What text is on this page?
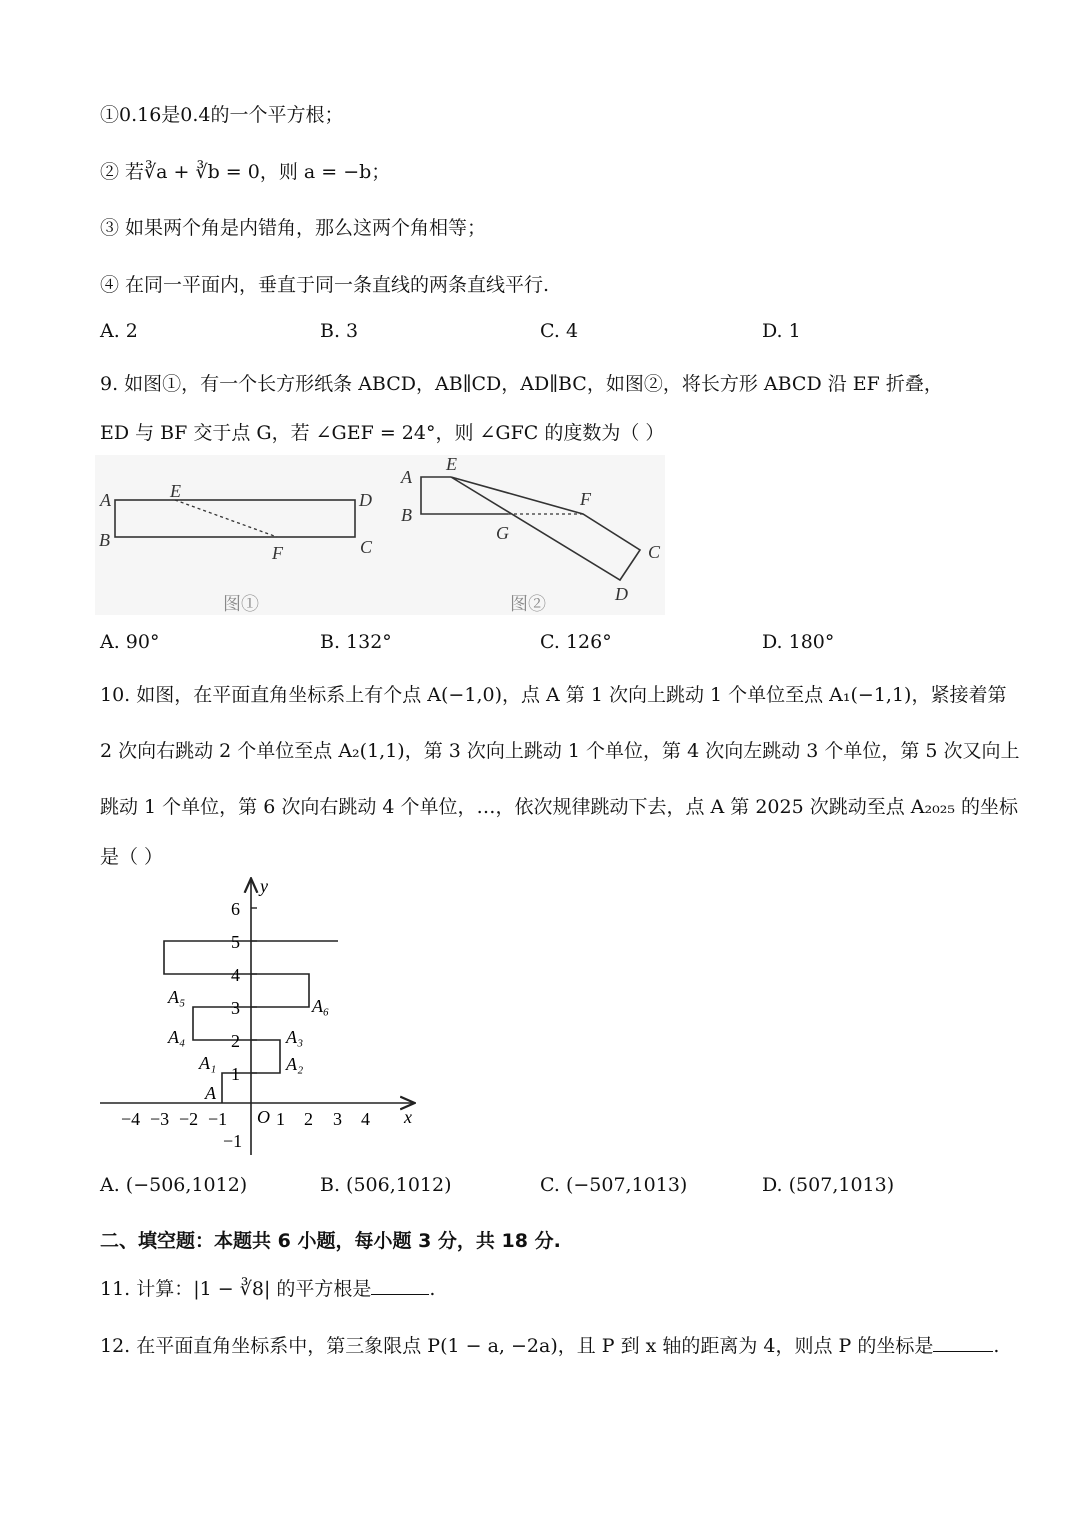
①0.16是0.4的一个平方根；
② 若∛a + ∛b = 0，则 a = −b；
③ 如果两个角是内错角，那么这两个角相等；
④ 在同一平面内，垂直于同一条直线的两条直线平行.
A. 2	B. 3	C. 4	D. 1
9. 如图①，有一个长方形纸条 ABCD，AB∥CD，AD∥BC，如图②，将长方形 ABCD 沿 EF 折叠，
ED 与 BF 交于点 G，若 ∠GEF = 24°，则 ∠GFC 的度数为（ ）
A
B
E	D
C
F
图①
A
B
E
F
G
C
D
图②
A. 90°	B. 132°	C. 126°	D. 180°
10. 如图，在平面直角坐标系上有个点 A(−1,0)，点 A 第 1 次向上跳动 1 个单位至点 A₁(−1,1)，紧接着第
2 次向右跳动 2 个单位至点 A₂(1,1)，第 3 次向上跳动 1 个单位，第 4 次向左跳动 3 个单位，第 5 次又向上
跳动 1 个单位，第 6 次向右跳动 4 个单位，…，依次规律跳动下去，点 A 第 2025 次跳动至点 A₂₀₂₅ 的坐标
是（ ）
y
x
O
−4 −3 −2 −1	1 2 3 4
6
5
4
3
2
1
−1
A
A₁	A₂
A₃
A₄
A₅	A₆
A. (−506,1012)	B. (506,1012)	C. (−507,1013)	D. (507,1013)
二、填空题：本题共 6 小题，每小题 3 分，共 18 分.
11. 计算：|1 − ∛8| 的平方根是	.
12. 在平面直角坐标系中，第三象限点 P(1 − a, −2a)，且 P 到 x 轴的距离为 4，则点 P 的坐标是	.
